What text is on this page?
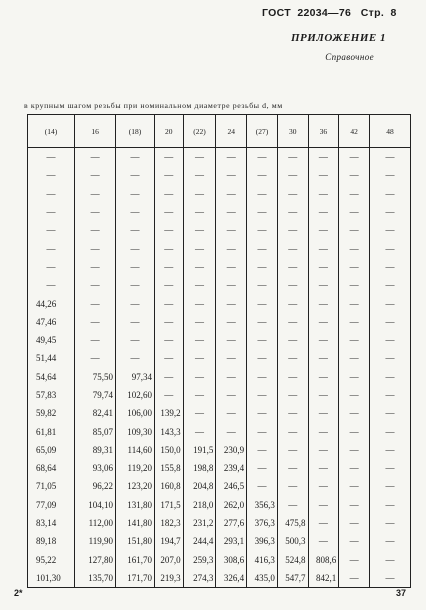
ГОСТ  22034—76   Стр.  8
ПРИЛОЖЕНИЕ 1
Справочное
в крупным шагом резьбы при номинальном диаметре резьбы d, мм
(14)	16	(18)	20	(22)	24	(27)	30	36	42	48
—	—	—	—	—	—	—	—	—	—	—
—	—	—	—	—	—	—	—	—	—	—
—	—	—	—	—	—	—	—	—	—	—
—	—	—	—	—	—	—	—	—	—	—
—	—	—	—	—	—	—	—	—	—	—
—	—	—	—	—	—	—	—	—	—	—
—	—	—	—	—	—	—	—	—	—	—
—	—	—	—	—	—	—	—	—	—	—
44,26	—	—	—	—	—	—	—	—	—	—
47,46	—	—	—	—	—	—	—	—	—	—
49,45	—	—	—	—	—	—	—	—	—	—
51,44	—	—	—	—	—	—	—	—	—	—
54,64	75,50	97,34	—	—	—	—	—	—	—	—
57,83	79,74	102,60	—	—	—	—	—	—	—	—
59,82	82,41	106,00	139,2	—	—	—	—	—	—	—
61,81	85,07	109,30	143,3	—	—	—	—	—	—	—
65,09	89,31	114,60	150,0	191,5	230,9	—	—	—	—	—
68,64	93,06	119,20	155,8	198,8	239,4	—	—	—	—	—
71,05	96,22	123,20	160,8	204,8	246,5	—	—	—	—	—
77,09	104,10	131,80	171,5	218,0	262,0	356,3	—	—	—	—
83,14	112,00	141,80	182,3	231,2	277,6	376,3	475,8	—	—	—
89,18	119,90	151,80	194,7	244,4	293,1	396,3	500,3	—	—	—
95,22	127,80	161,70	207,0	259,3	308,6	416,3	524,8	808,6	—	—
101,30	135,70	171,70	219,3	274,3	326,4	435,0	547,7	842,1	—	—
2*	37
